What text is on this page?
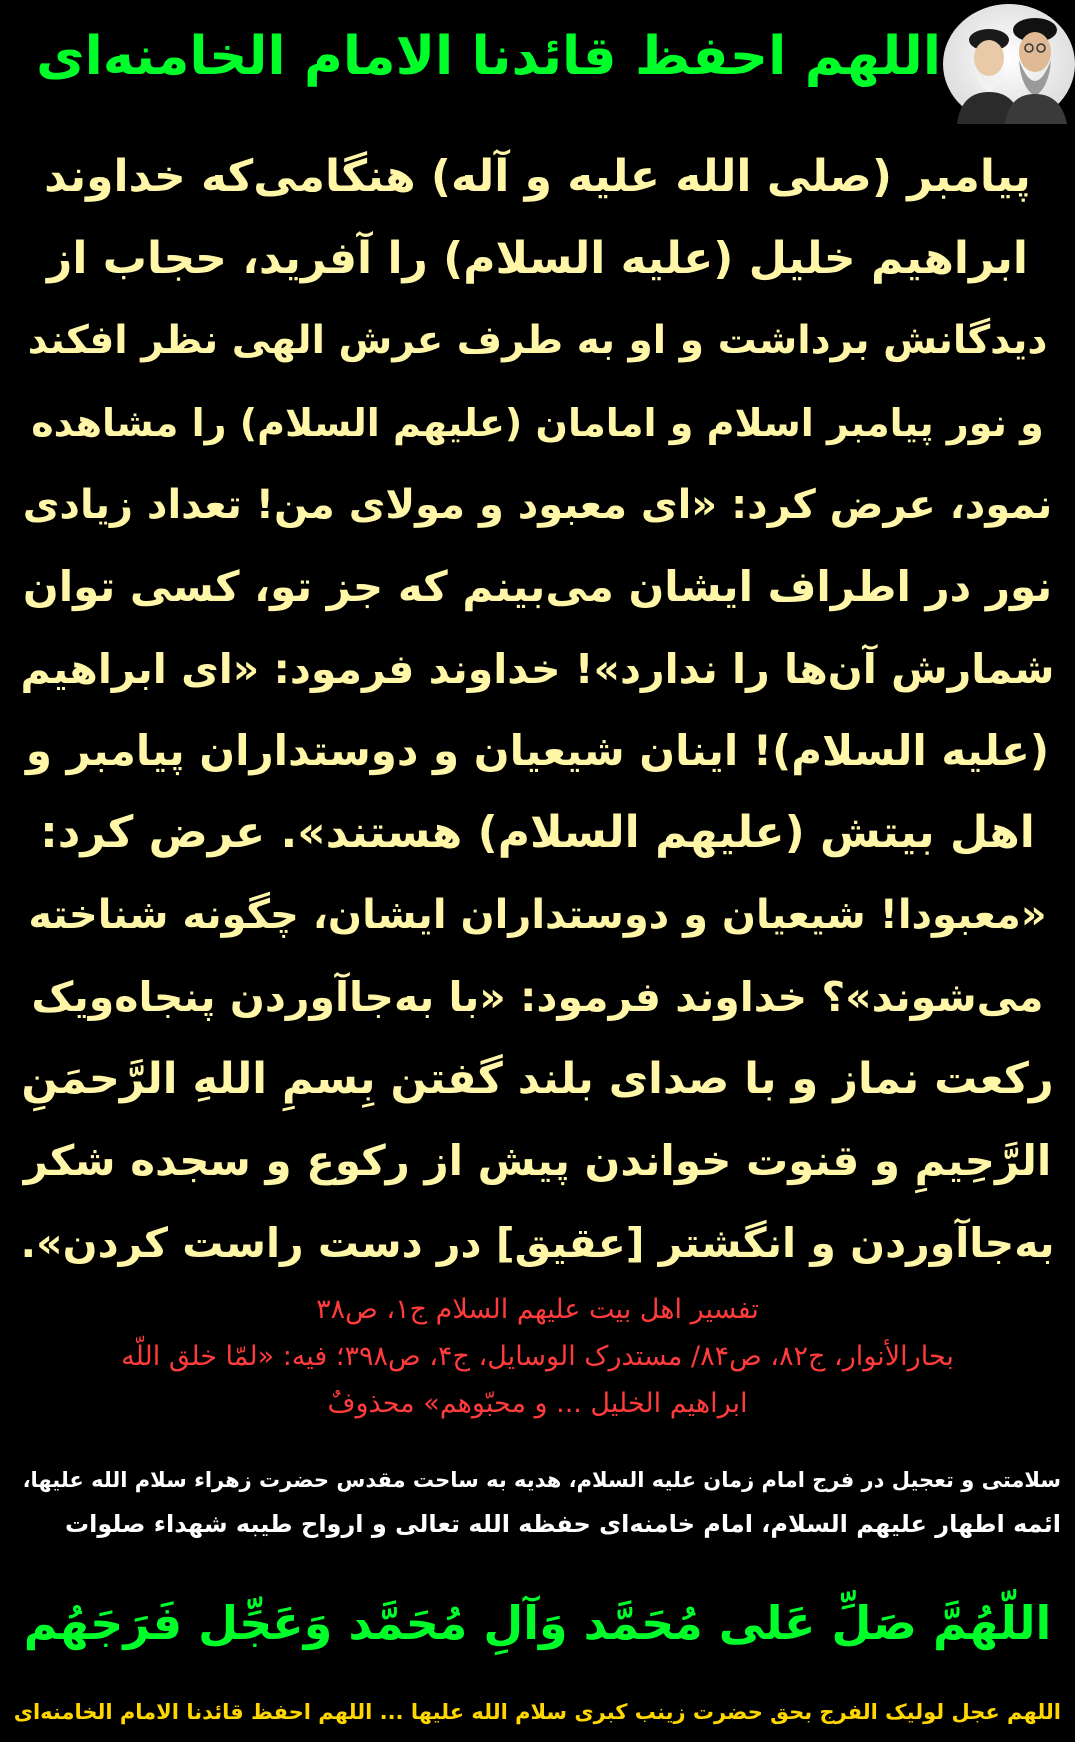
اللهم احفظ قائدنا الامام الخامنه‌ای
پیامبر (صلی الله علیه و آله) هنگامی‌که خداوند
ابراهیم خلیل (علیه السلام) را آفرید، حجاب از
دیدگانش برداشت و او به طرف عرش الهی نظر افکند
و نور پیامبر اسلام و امامان (علیهم السلام) را مشاهده
نمود، عرض کرد: «ای معبود و مولای من! تعداد زیادی
نور در اطراف ایشان می‌بینم که جز تو، کسی توان
شمارش آن‌ها را ندارد»! خداوند فرمود: «ای ابراهیم
(علیه السلام)! اینان شیعیان و دوستداران پیامبر و
اهل بیتش (علیهم السلام) هستند». عرض کرد:
«معبودا! شیعیان و دوستداران ایشان، چگونه شناخته
می‌شوند»؟ خداوند فرمود: «با به‌جاآوردن پنجاه‌ویک
رکعت نماز و با صدای بلند گفتن بِسمِ اللهِ الرَّحمَنِ
الرَّحِیمِ و قنوت خواندن پیش از رکوع و سجده شکر
به‌جاآوردن و انگشتر [عقیق] در دست راست کردن».
تفسیر اهل بیت علیهم السلام ج۱، ص۳۸
بحارالأنوار، ج۸۲، ص۸۴/ مستدرک الوسایل، ج۴، ص۳۹۸؛ فیه: «لمّا خلق اللّه
ابراهیم الخلیل ... و محبّوهم» محذوفٌ
سلامتی و تعجیل در فرج امام زمان علیه السلام، هدیه به ساحت مقدس حضرت زهراء سلام الله علیها،
ائمه اطهار علیهم السلام، امام خامنه‌ای حفظه الله تعالی و ارواح طیبه شهداء صلوات
اللّهُمَّ صَلِّ عَلی مُحَمَّد وَآلِ مُحَمَّد وَعَجِّل فَرَجَهُم
اللهم عجل لولیک الفرج بحق حضرت زینب کبری سلام الله علیها ... اللهم احفظ قائدنا الامام الخامنه‌ای
